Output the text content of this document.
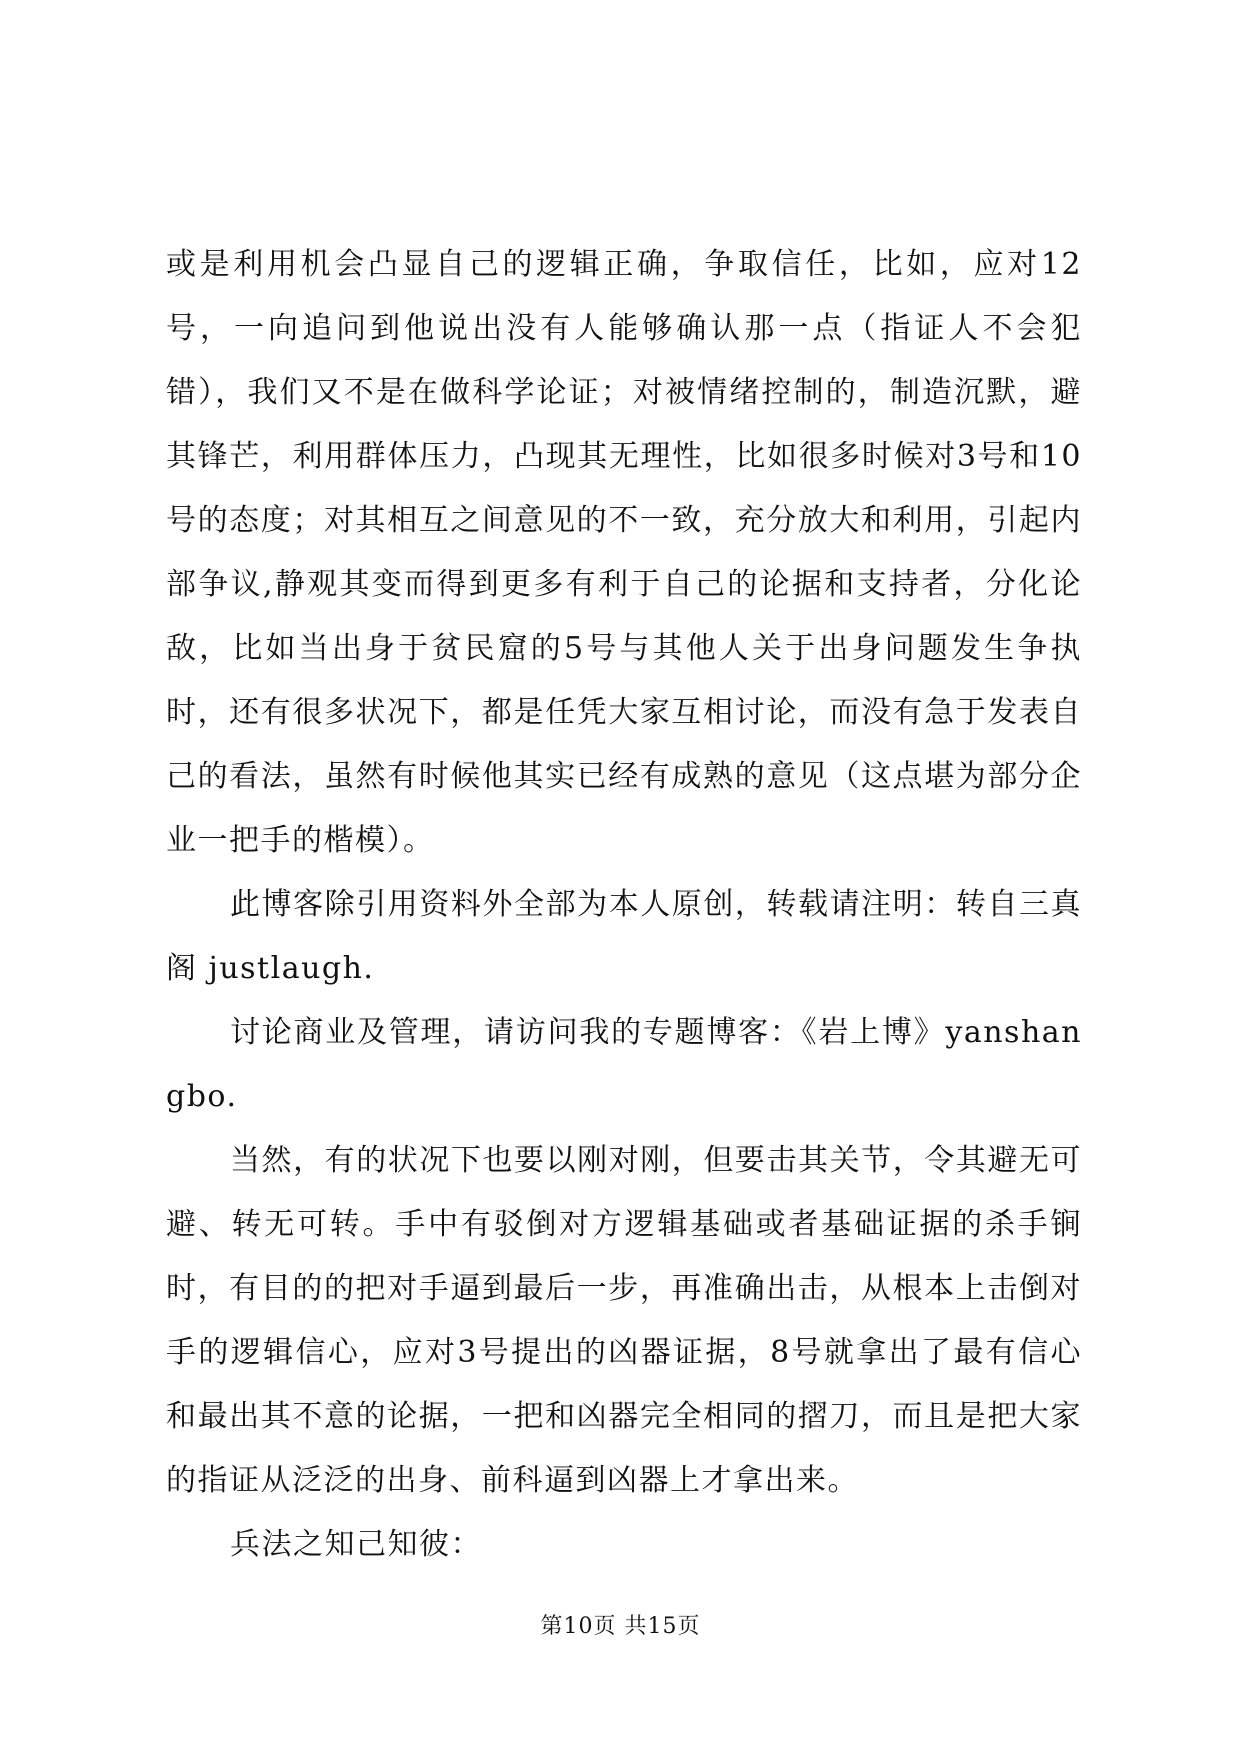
或是利用机会凸显自己的逻辑正确，争取信任，比如，应对12号，一向追问到他说出没有人能够确认那一点（指证人不会犯错），我们又不是在做科学论证；对被情绪控制的，制造沉默，避其锋芒，利用群体压力，凸现其无理性，比如很多时候对3号和10号的态度；对其相互之间意见的不一致，充分放大和利用，引起内部争议,静观其变而得到更多有利于自己的论据和支持者，分化论敌，比如当出身于贫民窟的5号与其他人关于出身问题发生争执时，还有很多状况下，都是任凭大家互相讨论，而没有急于发表自己的看法，虽然有时候他其实已经有成熟的意见（这点堪为部分企业一把手的楷模）。

此博客除引用资料外全部为本人原创，转载请注明：转自三真阁 justlaugh.

讨论商业及管理，请访问我的专题博客：《岩上博》yanshangbo.

当然，有的状况下也要以刚对刚，但要击其关节，令其避无可避、转无可转。手中有驳倒对方逻辑基础或者基础证据的杀手锏时，有目的的把对手逼到最后一步，再准确出击，从根本上击倒对手的逻辑信心，应对3号提出的凶器证据，8号就拿出了最有信心和最出其不意的论据，一把和凶器完全相同的摺刀，而且是把大家的指证从泛泛的出身、前科逼到凶器上才拿出来。

兵法之知己知彼：

第10页 共15页
